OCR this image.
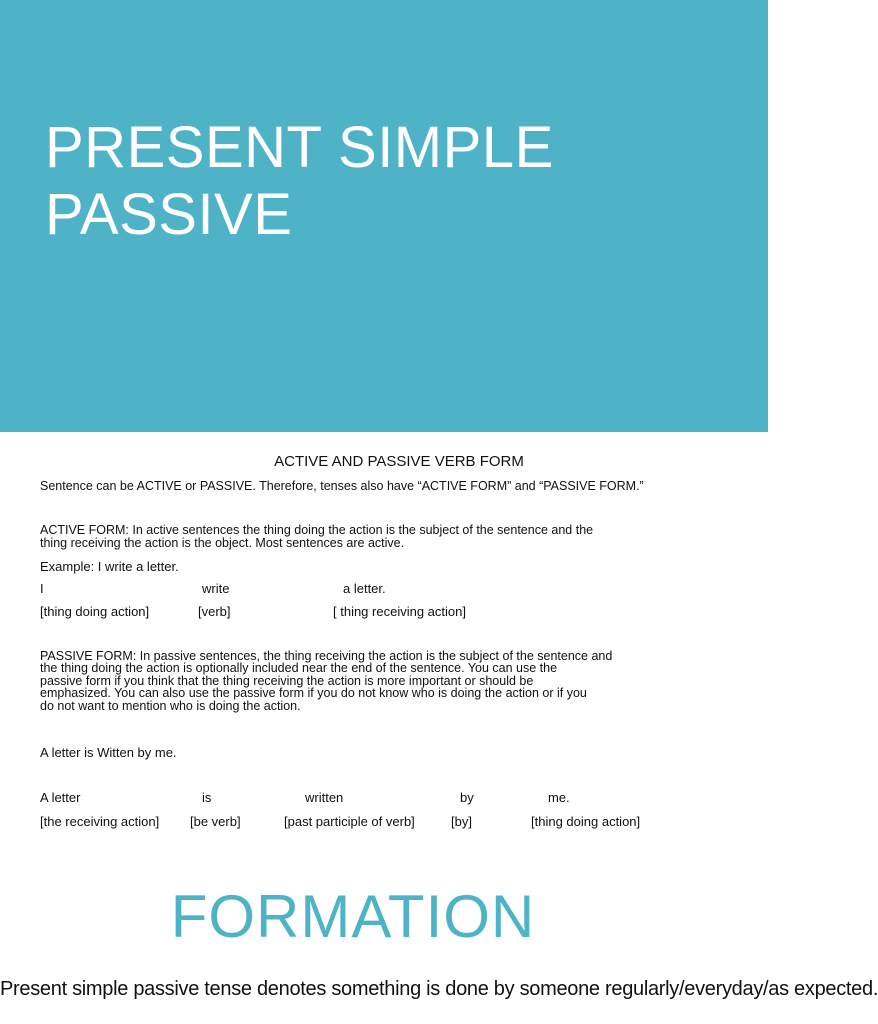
PRESENT SIMPLE
PASSIVE
ACTIVE AND PASSIVE VERB FORM
Sentence can be ACTIVE or PASSIVE. Therefore, tenses also have “ACTIVE FORM” and “PASSIVE FORM.”
ACTIVE FORM: In active sentences the thing doing the action is the subject of the sentence and the
thing receiving the action is the object. Most sentences are active.
Example: I write a letter.
I	write	a letter.
[thing doing action]	[verb]	[ thing receiving action]
PASSIVE FORM: In passive sentences, the thing receiving the action is the subject of the sentence and
the thing doing the action is optionally included near the end of the sentence. You can use the
passive form if you think that the thing receiving the action is more important or should be
emphasized. You can also use the passive form if you do not know who is doing the action or if you
do not want to mention who is doing the action.
A letter is Witten by me.
A letter	is	written	by	me.
[the receiving action] [be verb]	[past participle of verb]	[by]	[thing doing action]
FORMATION
Present simple passive tense denotes something is done by someone regularly/everyday/as expected.
